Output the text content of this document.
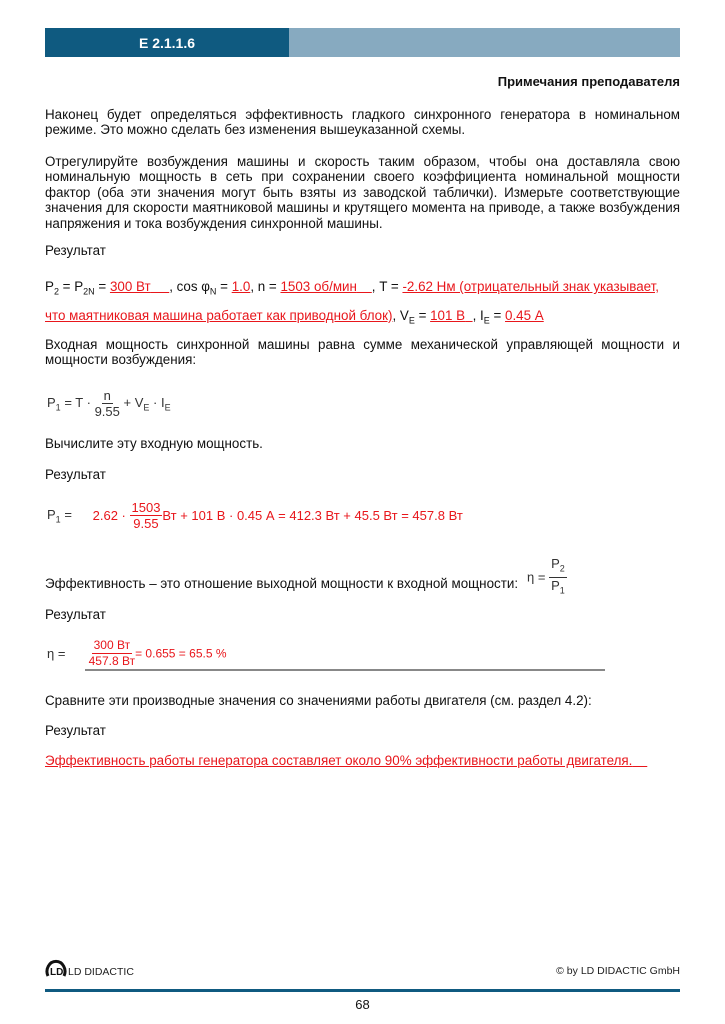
E 2.1.1.6
Примечания преподавателя
Наконец будет определяться эффективность гладкого синхронного генератора в номинальном режиме. Это можно сделать без изменения вышеуказанной схемы.
Отрегулируйте возбуждения машины и скорость таким образом, чтобы она доставляла свою номинальную мощность в сеть при сохранении своего коэффициента номинальной мощности фактор (оба эти значения могут быть взяты из заводской таблички). Измерьте соответствующие значения для скорости маятниковой машины и крутящего момента на приводе, а также возбуждения напряжения и тока возбуждения синхронной машины.
Результат
$P_2 = P_{2N} = 300$ Вт , $\cos \varphi_N = 1.0$, n = 1503 об/мин , T = -2.62 Нм (отрицательный знак указывает, что маятниковая машина работает как приводной блок), $V_E = 101$ В , $I_E = 0.45$ А
Входная мощность синхронной машины равна сумме механической управляющей мощности и мощности возбуждения:
$P_1 = T \cdot \frac{n}{9.55} + V_E \cdot I_E$
Вычислите эту входную мощность.
Результат
$P_1 = 2.62 \cdot \frac{1503}{9.55}$ Вт + 101 В · 0.45 А = 412.3 Вт + 45.5 Вт = 457.8 Вт
Эффективность – это отношение выходной мощности к входной мощности: $\eta = \frac{P_2}{P_1}$
Результат
$\eta = \frac{300 Вт}{457.8 Вт} = 0.655 = 65.5$ %
Сравните эти производные значения со значениями работы двигателя (см. раздел 4.2):
Результат
Эффективность работы генератора составляет около 90% эффективности работы двигателя.
LD LD DIDACTIC	© by LD DIDACTIC GmbH
68
